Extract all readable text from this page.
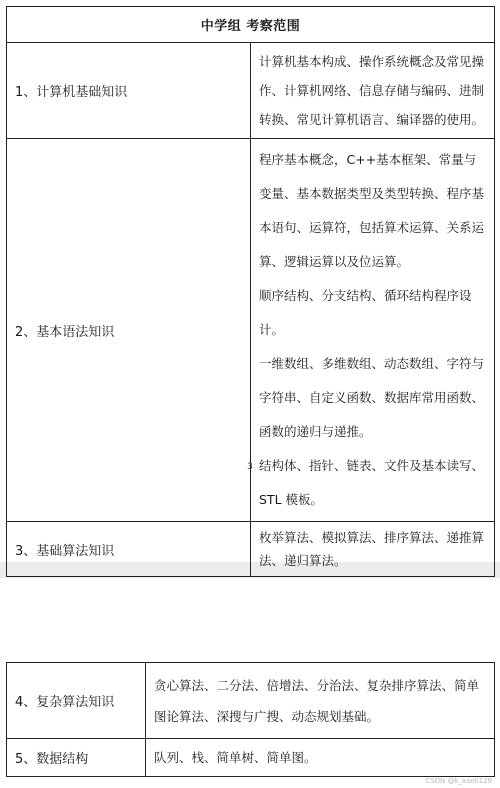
中学组 考察范围	
1、计算机基础知识	计算机基本构成、操作系统概念及常见操作、计算机网络、信息存储与编码、进制转换、常见计算机语言、编译器的使用。

2、基本语法知识	程序基本概念，C++基本框架、常量与变量、基本数据类型及类型转换、程序基本语句、运算符，包括算术运算、关系运算、逻辑运算以及位运算。

顺序结构、分支结构、循环结构程序设计。

一维数组、多维数组、动态数组、字符与字符串、自定义函数、数据库常用函数、函数的递归与递推。

结构体、指针、链表、文件及基本读写、STL 模板。

3、基础算法知识	枚举算法、模拟算法、排序算法、递推算法、递归算法。

3
4、复杂算法知识	贪心算法、二分法、倍增法、分治法、复杂排序算法、简单图论算法、深搜与广搜、动态规划基础。

5、数据结构	队列、栈、简单树、简单图。

CSDN @k_xaoli129
